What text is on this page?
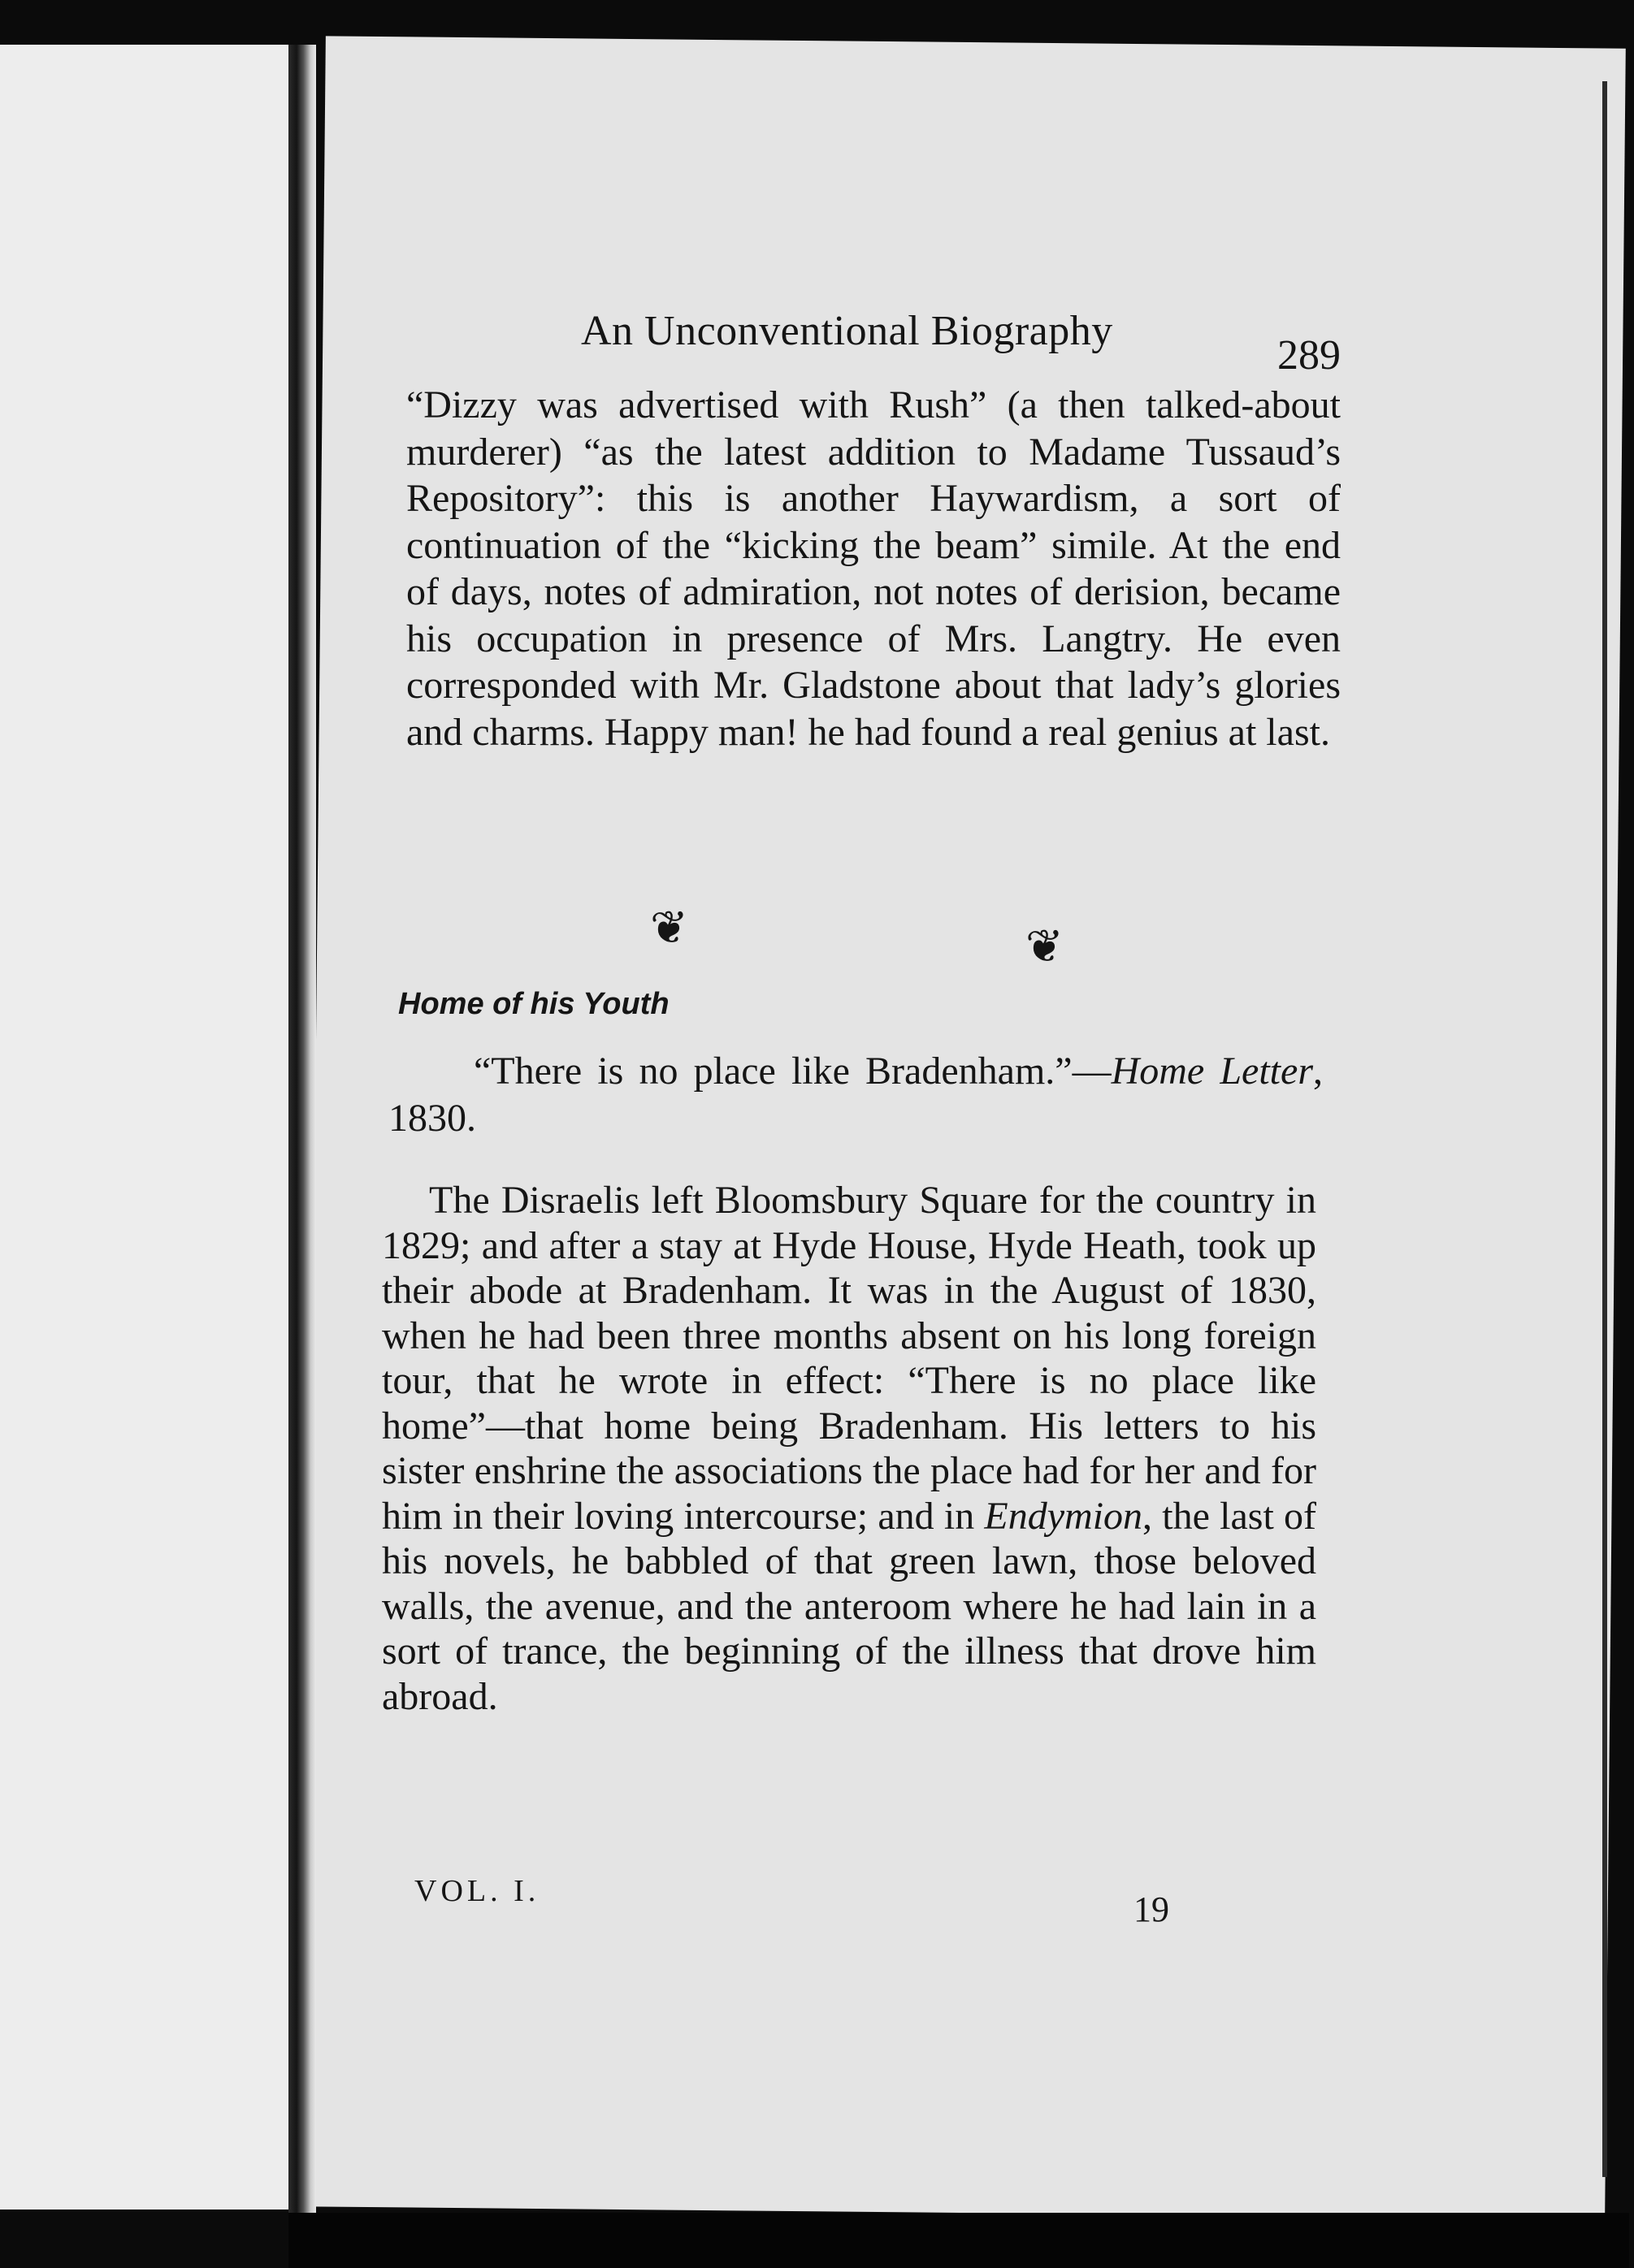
An Unconventional Biography
289

“Dizzy was advertised with Rush” (a then talked-about murderer) “as the latest addition to Madame Tussaud’s Repository”: this is another Haywardism, a sort of continuation of the “kicking the beam” simile. At the end of days, notes of admiration, not notes of derision, became his occupation in presence of Mrs. Langtry. He even corresponded with Mr. Gladstone about that lady’s glories and charms. Happy man! he had found a real genius at last.

❦	❦
Home of his Youth

“There is no place like Bradenham.”—Home Letter, 1830.

The Disraelis left Bloomsbury Square for the country in 1829; and after a stay at Hyde House, Hyde Heath, took up their abode at Bradenham. It was in the August of 1830, when he had been three months absent on his long foreign tour, that he wrote in effect: “There is no place like home”—that home being Bradenham. His letters to his sister enshrine the associations the place had for her and for him in their loving intercourse; and in Endymion, the last of his novels, he babbled of that green lawn, those beloved walls, the avenue, and the anteroom where he had lain in a sort of trance, the beginning of the illness that drove him abroad.

VOL. I.	19
